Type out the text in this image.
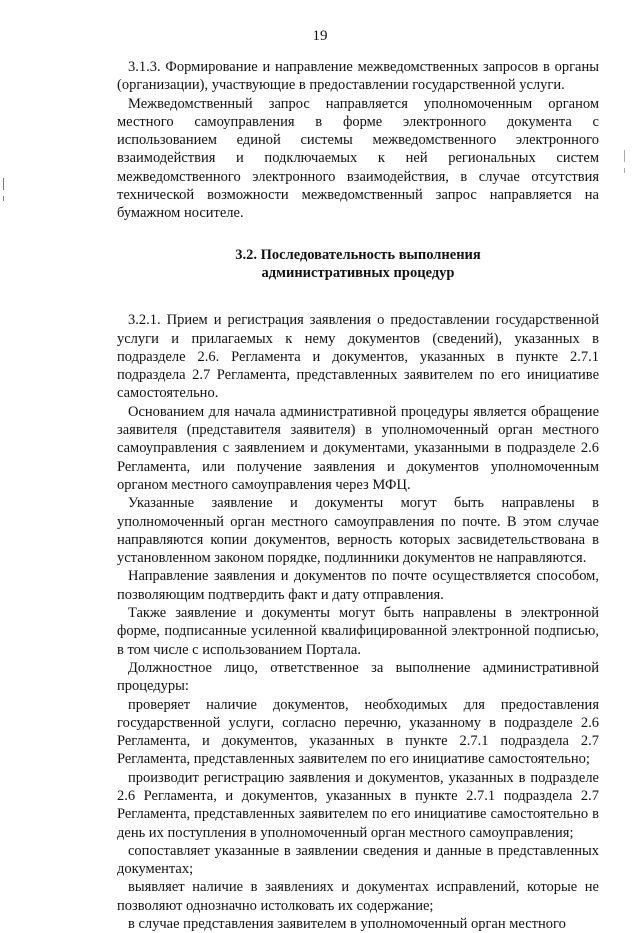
19

3.1.3. Формирование и направление межведомственных запросов в органы (организации), участвующие в предоставлении государственной услуги.

Межведомственный запрос направляется уполномоченным органом местного самоуправления в форме электронного документа с использованием единой системы межведомственного электронного взаимодействия и подключаемых к ней региональных систем межведомственного электронного взаимодействия, в случае отсутствия технической возможности межведомственный запрос направляется на бумажном носителе.

3.2. Последовательность выполнения
административных процедур

3.2.1. Прием и регистрация заявления о предоставлении государственной услуги и прилагаемых к нему документов (сведений), указанных в подразделе 2.6. Регламента и документов, указанных в пункте 2.7.1 подраздела 2.7 Регламента, представленных заявителем по его инициативе самостоятельно.

Основанием для начала административной процедуры является обращение заявителя (представителя заявителя) в уполномоченный орган местного самоуправления с заявлением и документами, указанными в подразделе 2.6 Регламента, или получение заявления и документов уполномоченным органом местного самоуправления через МФЦ.

Указанные заявление и документы могут быть направлены в уполномоченный орган местного самоуправления по почте. В этом случае направляются копии документов, верность которых засвидетельствована в установленном законом порядке, подлинники документов не направляются.

Направление заявления и документов по почте осуществляется способом, позволяющим подтвердить факт и дату отправления.

Также заявление и документы могут быть направлены в электронной форме, подписанные усиленной квалифицированной электронной подписью, в том числе с использованием Портала.

Должностное лицо, ответственное за выполнение административной процедуры:

проверяет наличие документов, необходимых для предоставления государственной услуги, согласно перечню, указанному в подразделе 2.6 Регламента, и документов, указанных в пункте 2.7.1 подраздела 2.7 Регламента, представленных заявителем по его инициативе самостоятельно;

производит регистрацию заявления и документов, указанных в подразделе 2.6 Регламента, и документов, указанных в пункте 2.7.1 подраздела 2.7 Регламента, представленных заявителем по его инициативе самостоятельно в день их поступления в уполномоченный орган местного самоуправления;

сопоставляет указанные в заявлении сведения и данные в представленных документах;

выявляет наличие в заявлениях и документах исправлений, которые не позволяют однозначно истолковать их содержание;

в случае представления заявителем в уполномоченный орган местного
